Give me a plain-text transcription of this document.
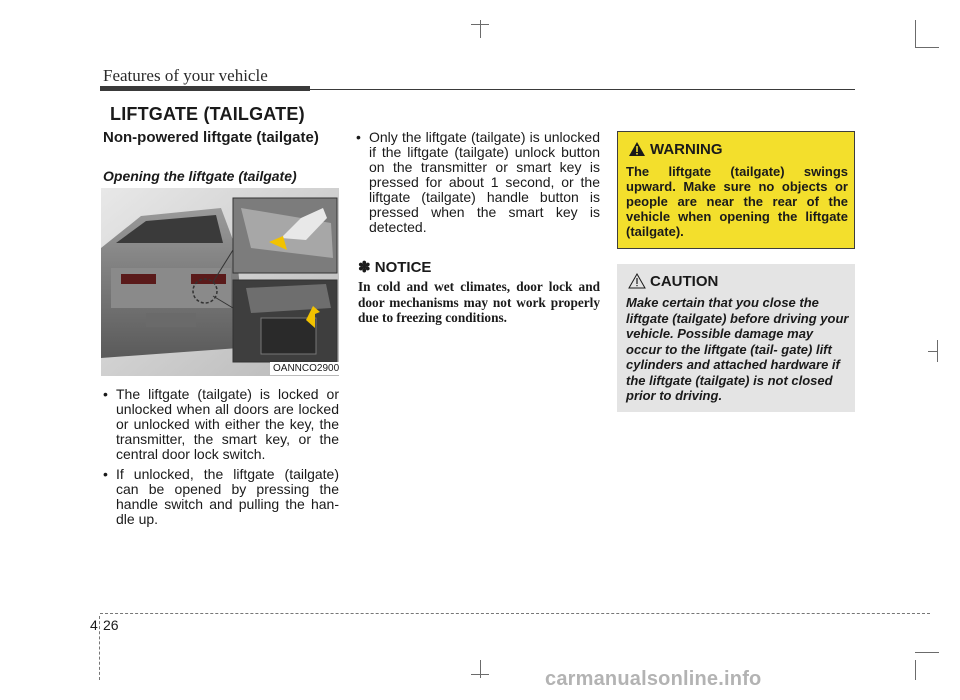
Features of your vehicle
LIFTGATE (TAILGATE)
Non-powered liftgate (tailgate)
Opening the liftgate (tailgate)
OANNCO2900
• The liftgate (tailgate) is locked or unlocked when all doors are locked or unlocked with either the key, the transmitter, the smart key, or the central door lock switch.
• If unlocked, the liftgate (tailgate) can be opened by pressing the handle switch and pulling the han- dle up.
• Only the liftgate (tailgate) is unlocked if the liftgate (tailgate) unlock button on the transmitter or smart key is pressed for about 1 second, or the liftgate (tailgate) handle button is pressed when the smart key is detected.
✽ NOTICE
In cold and wet climates, door lock and door mechanisms may not work properly due to freezing conditions.
WARNING
The liftgate (tailgate) swings upward. Make sure no objects or people are near the rear of the vehicle when opening the liftgate (tailgate).
CAUTION
Make certain that you close the liftgate (tailgate) before driving your vehicle. Possible damage may occur to the liftgate (tail- gate) lift cylinders and attached hardware if the liftgate (tailgate) is not closed prior to driving.
4 26
carmanualsonline.info
